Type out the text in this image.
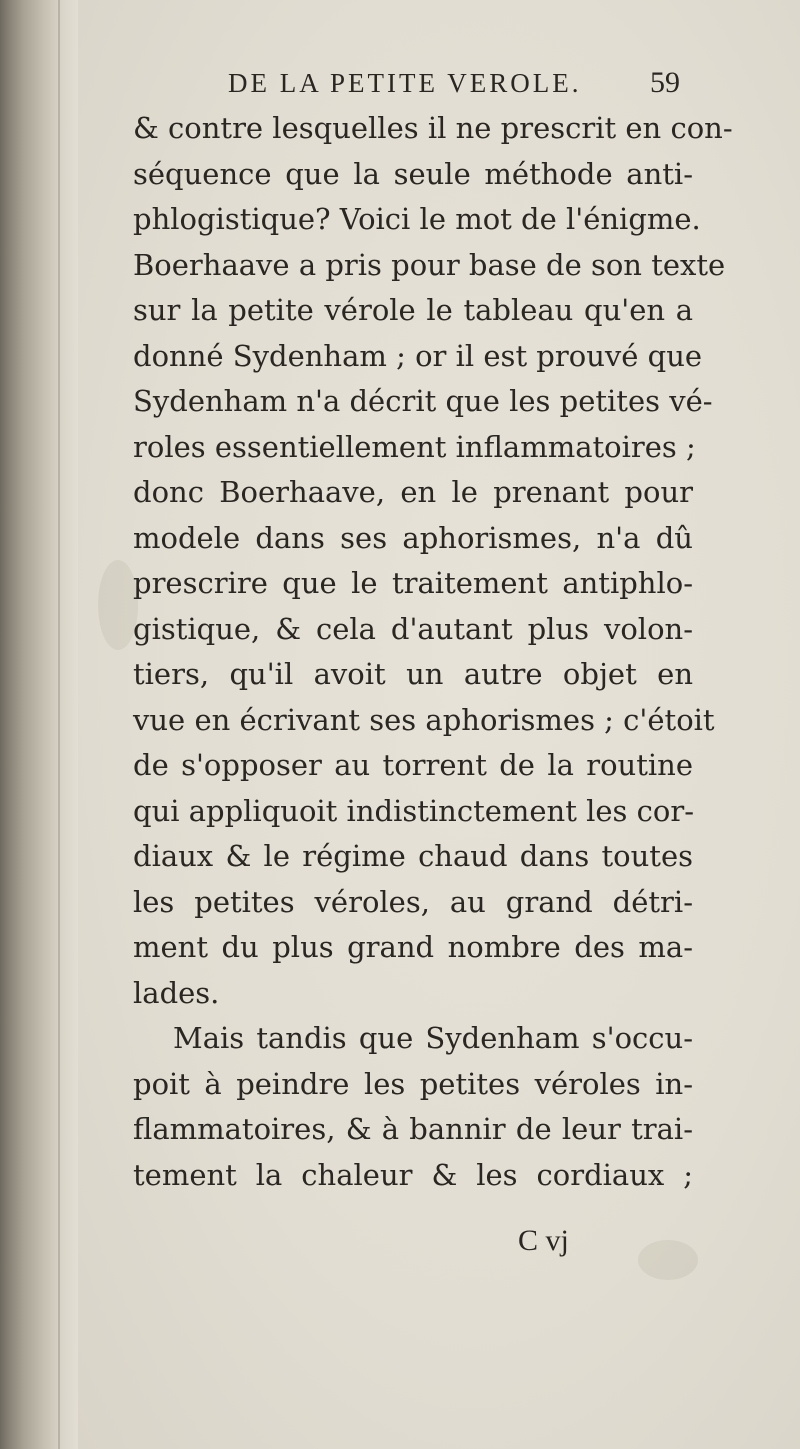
DE LA PETITE VEROLE. 59
& contre lesquelles il ne prescrit en con-
séquence que la seule méthode anti-
phlogistique? Voici le mot de l'énigme.
Boerhaave a pris pour base de son texte
sur la petite vérole le tableau qu'en a
donné Sydenham ; or il est prouvé que
Sydenham n'a décrit que les petites vé-
roles essentiellement inflammatoires ;
donc Boerhaave, en le prenant pour
modele dans ses aphorismes, n'a dû
prescrire que le traitement antiphlo-
gistique, & cela d'autant plus volon-
tiers, qu'il avoit un autre objet en
vue en écrivant ses aphorismes ; c'étoit
de s'opposer au torrent de la routine
qui appliquoit indistinctement les cor-
diaux & le régime chaud dans toutes
les petites véroles, au grand détri-
ment du plus grand nombre des ma-
lades.
Mais tandis que Sydenham s'occu-
poit à peindre les petites véroles in-
flammatoires, & à bannir de leur trai-
tement la chaleur & les cordiaux ;
C vj
